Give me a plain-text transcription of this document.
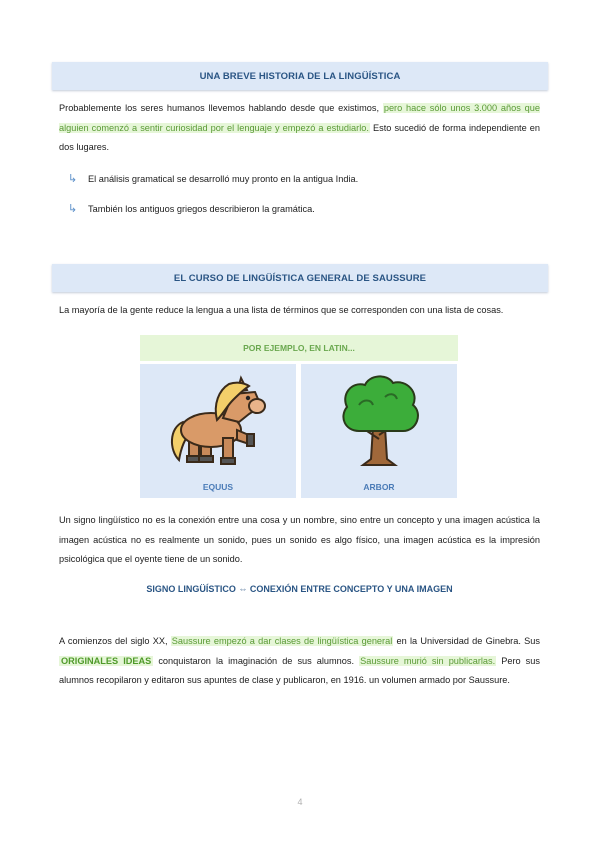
UNA BREVE HISTORIA DE LA LINGÜÍSTICA

Probablemente los seres humanos llevemos hablando desde que existimos, pero hace sólo unos 3.000 años que alguien comenzó a sentir curiosidad por el lenguaje y empezó a estudiarlo. Esto sucedió de forma independiente en dos lugares.

↳	El análisis gramatical se desarrolló muy pronto en la antigua India.
↳	También los antiguos griegos describieron la gramática.
EL CURSO DE LINGÜÍSTICA GENERAL DE SAUSSURE

La mayoría de la gente reduce la lengua a una lista de términos que se corresponden con una lista de cosas.

POR EJEMPLO, EN LATIN...
EQUUS	ARBOR

Un signo lingüístico no es la conexión entre una cosa y un nombre, sino entre un concepto y una imagen acústica la imagen acústica no es realmente un sonido, pues un sonido es algo físico, una imagen acústica es la impresión psicológica que el oyente tiene de un sonido.

SIGNO LINGÜÍSTICO ⇔ CONEXIÓN ENTRE CONCEPTO Y UNA IMAGEN

A comienzos del siglo XX, Saussure empezó a dar clases de lingüística general en la Universidad de Ginebra. Sus ORIGINALES IDEAS conquistaron la imaginación de sus alumnos. Saussure murió sin publicarlas. Pero sus alumnos recopilaron y editaron sus apuntes de clase y publicaron, en 1916. un volumen armado por Saussure.

4
